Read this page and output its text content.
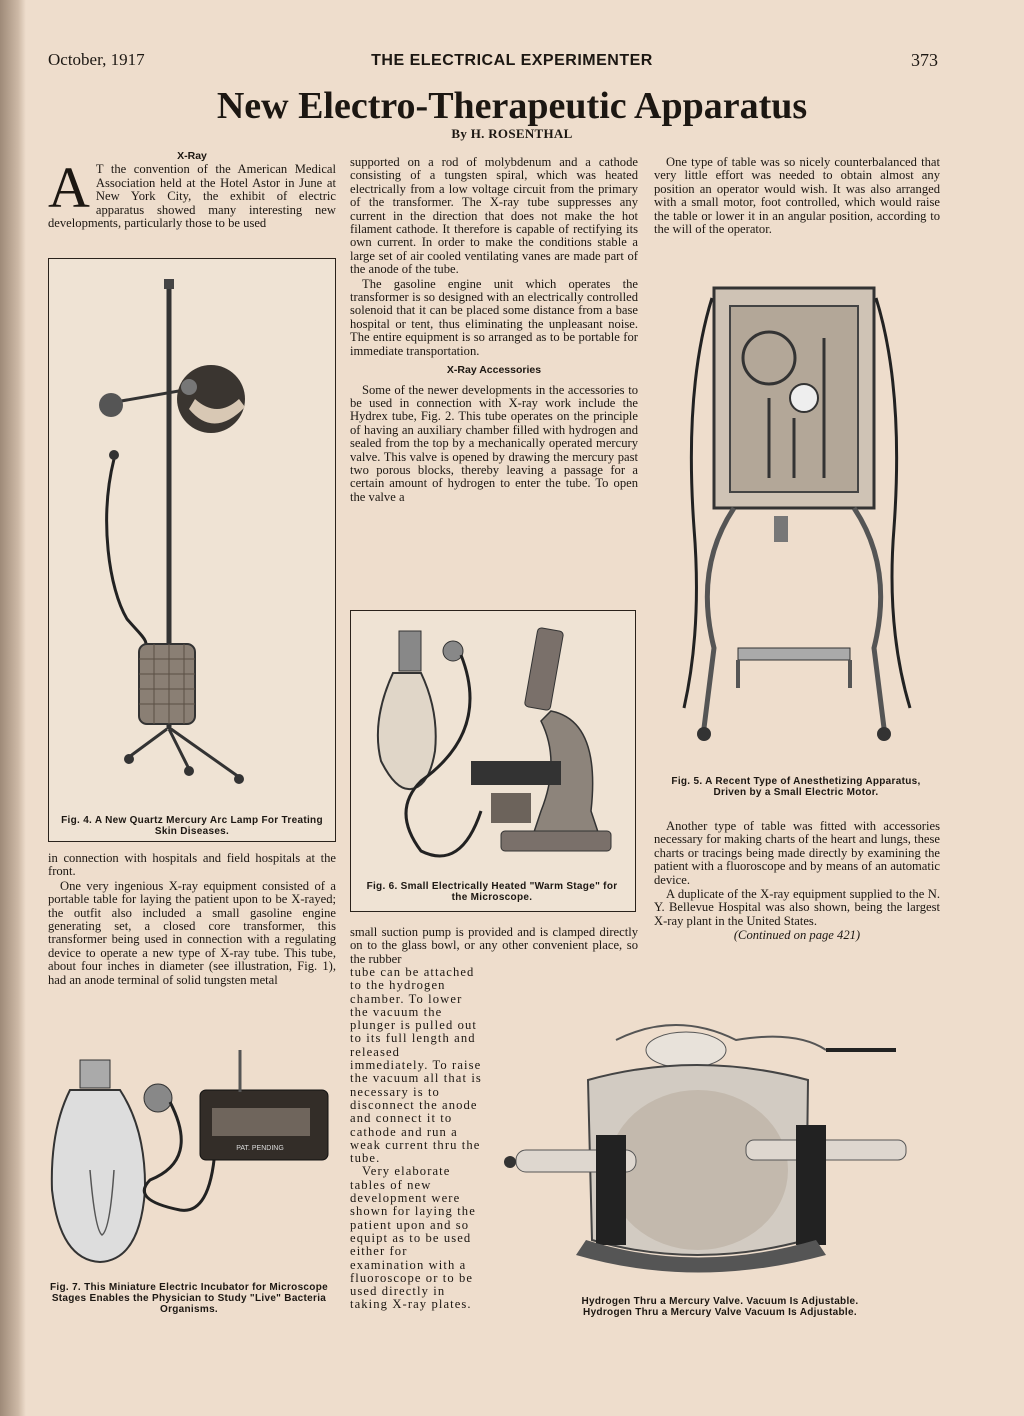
October, 1917	THE ELECTRICAL EXPERIMENTER	373
New Electro-Therapeutic Apparatus
By H. ROSENTHAL
X-Ray
A T the convention of the American Medical Association held at the Hotel Astor in June at New York City, the exhibit of electric apparatus showed many interesting new developments, particularly those to be used

Fig. 4. A New Quartz Mercury Arc Lamp For Treating Skin Diseases.

in connection with hospitals and field hospitals at the front.

One very ingenious X-ray equipment consisted of a portable table for laying the patient upon to be X-rayed; the outfit also included a small gasoline engine generating set, a closed core transformer, this transformer being used in connection with a regulating device to operate a new type of X-ray tube. This tube, about four inches in diameter (see illustration, Fig. 1), had an anode terminal of solid tungsten metal

PAT. PENDING
Fig. 7. This Miniature Electric Incubator for Microscope Stages Enables the Physician to Study "Live" Bacteria Organisms.

supported on a rod of molybdenum and a cathode consisting of a tungsten spiral, which was heated electrically from a low voltage circuit from the primary of the transformer. The X-ray tube suppresses any current in the direction that does not make the hot filament cathode. It therefore is capable of rectifying its own current. In order to make the conditions stable a large set of air cooled ventilating vanes are made part of the anode of the tube.

The gasoline engine unit which operates the transformer is so designed with an electrically controlled solenoid that it can be placed some distance from a base hospital or tent, thus eliminating the unpleasant noise. The entire equipment is so arranged as to be portable for immediate transportation.

X-Ray Accessories

Some of the newer developments in the accessories to be used in connection with X-ray work include the Hydrex tube, Fig. 2. This tube operates on the principle of having an auxiliary chamber filled with hydrogen and sealed from the top by a mechanically operated mercury valve. This valve is opened by drawing the mercury past two porous blocks, thereby leaving a passage for a certain amount of hydrogen to enter the tube. To open the valve a

Fig. 6. Small Electrically Heated "Warm Stage" for the Microscope.

small suction pump is provided and is clamped directly on to the glass bowl, or any other convenient place, so the rubber

tube can be attached to the hydrogen chamber. To lower the vacuum the plunger is pulled out to its full length and released immediately. To raise the vacuum all that is necessary is to disconnect the anode and connect it to cathode and run a weak current thru the tube.
Very elaborate tables of new development were shown for laying the patient upon and so equipt as to be used either for examination with a fluoroscope or to be used directly in taking X-ray plates.

One type of table was so nicely counterbalanced that very little effort was needed to obtain almost any position an operator would wish. It was also arranged with a small motor, foot controlled, which would raise the table or lower it in an angular position, according to the will of the operator.

Fig. 5. A Recent Type of Anesthetizing Apparatus, Driven by a Small Electric Motor.

Another type of table was fitted with accessories necessary for making charts of the heart and lungs, these charts or tracings being made directly by examining the patient with a fluoroscope and by means of an automatic device.

A duplicate of the X-ray equipment supplied to the N. Y. Bellevue Hospital was also shown, being the largest X-ray plant in the United States.

(Continued on page 421)
Hydrogen Thru a Mercury Valve. Vacuum Is Adjustable.
Hydrogen Thru a Mercury Valve Vacuum Is Adjustable.
